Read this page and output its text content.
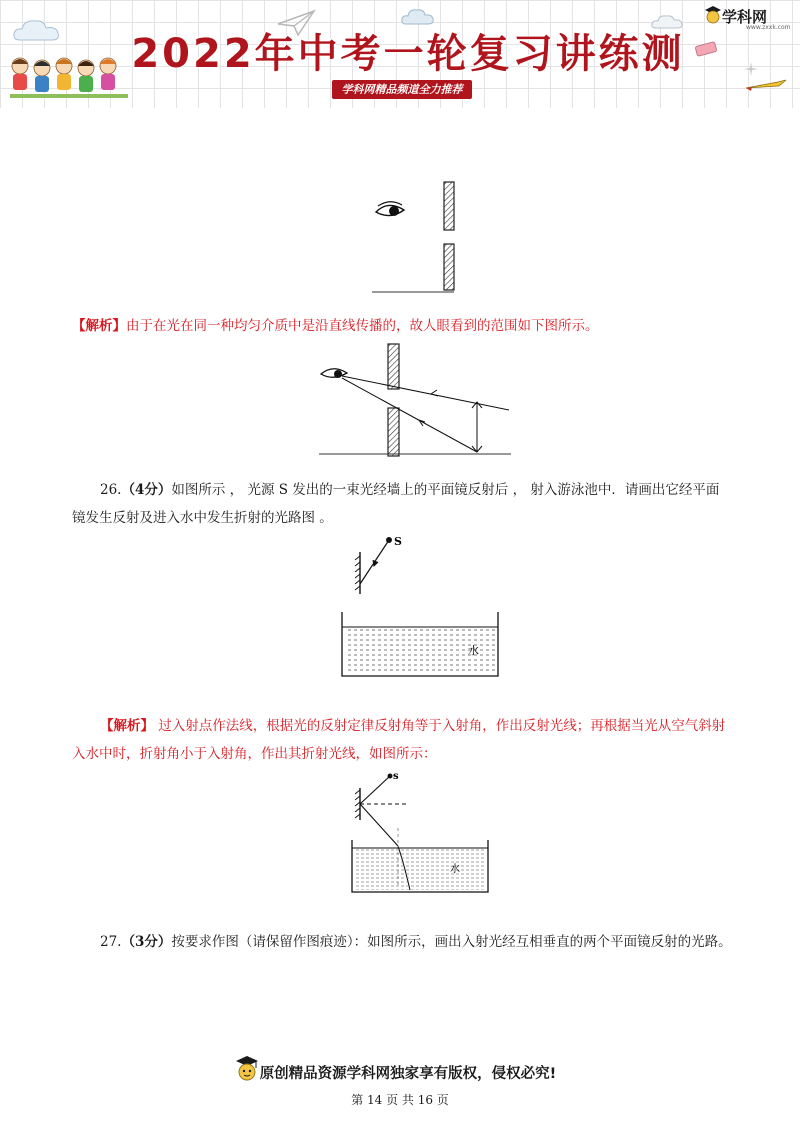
学科网
www.zxxk.com
2022年中考一轮复习讲练测
学科网精品频道全力推荐

【解析】由于在光在同一种均匀介质中是沿直线传播的，故人眼看到的范围如下图所示。

26.（4分）如图所示 ， 光源 S 发出的一束光经墙上的平面镜反射后 ， 射入游泳池中．请画出它经平面镜发生反射及进入水中发生折射的光路图 。

S
水

【解析】 过入射点作法线，根据光的反射定律反射角等于入射角，作出反射光线；再根据当光从空气斜射入水中时，折射角小于入射角，作出其折射光线，如图所示：

s
水

27.（3分）按要求作图（请保留作图痕迹）：如图所示，画出入射光经互相垂直的两个平面镜反射的光路。

原创精品资源学科网独家享有版权，侵权必究!
第 14 页 共 16 页
